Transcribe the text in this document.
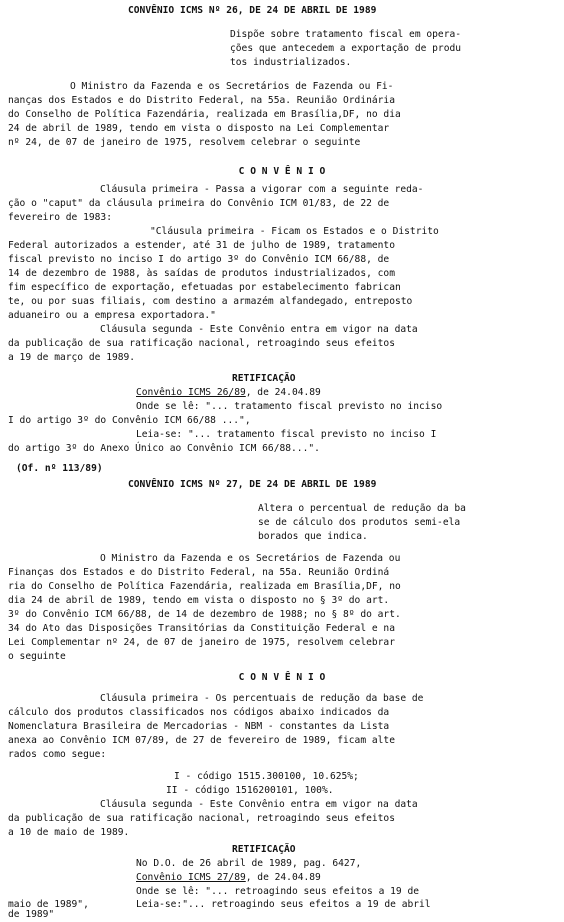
CONVÊNIO ICMS Nº 26, DE 24 DE ABRIL DE 1989
Dispõe sobre tratamento fiscal em opera-
ções que antecedem a exportação de produ
tos industrializados.
O Ministro da Fazenda e os Secretários de Fazenda ou Fi-
nanças dos Estados e do Distrito Federal, na 55a. Reunião Ordinária
do Conselho de Política Fazendária, realizada em Brasília,DF, no dia
24 de abril de 1989, tendo em vista o disposto na Lei Complementar
nº 24, de 07 de janeiro de 1975, resolvem celebrar o seguinte
C O N V Ê N I O
Cláusula primeira - Passa a vigorar com a seguinte reda-
ção o "caput" da cláusula primeira do Convênio ICM 01/83, de 22 de
fevereiro de 1983:
"Cláusula primeira - Ficam os Estados e o Distrito
Federal autorizados a estender, até 31 de julho de 1989, tratamento
fiscal previsto no inciso I do artigo 3º do Convênio ICM 66/88, de
14 de dezembro de 1988, às saídas de produtos industrializados, com
fim específico de exportação, efetuadas por estabelecimento fabrican
te, ou por suas filiais, com destino a armazém alfandegado, entreposto
aduaneiro ou a empresa exportadora."
Cláusula segunda - Este Convênio entra em vigor na data
da publicação de sua ratificação nacional, retroagindo seus efeitos
a 19 de março de 1989.
RETIFICAÇÃO
Convênio ICMS 26/89, de 24.04.89
Onde se lê: "... tratamento fiscal previsto no inciso
I do artigo 3º do Convênio ICM 66/88 ...",
Leia-se: "... tratamento fiscal previsto no inciso I
do artigo 3º do Anexo Único ao Convênio ICM 66/88...".
(Of. nº 113/89)
CONVÊNIO ICMS Nº 27, DE 24 DE ABRIL DE 1989
Altera o percentual de redução da ba
se de cálculo dos produtos semi-ela
borados que indica.
O Ministro da Fazenda e os Secretários de Fazenda ou
Finanças dos Estados e do Distrito Federal, na 55a. Reunião Ordiná
ria do Conselho de Política Fazendária, realizada em Brasília,DF, no
dia 24 de abril de 1989, tendo em vista o disposto no § 3º do art.
3º do Convênio ICM 66/88, de 14 de dezembro de 1988; no § 8º do art.
34 do Ato das Disposições Transitórias da Constituição Federal e na
Lei Complementar nº 24, de 07 de janeiro de 1975, resolvem celebrar
o seguinte
C O N V Ê N I O
Cláusula primeira - Os percentuais de redução da base de
cálculo dos produtos classificados nos códigos abaixo indicados da
Nomenclatura Brasileira de Mercadorias - NBM - constantes da Lista
anexa ao Convênio ICM 07/89, de 27 de fevereiro de 1989, ficam alte
rados como segue:
I - código 1515.300100, 10.625%;
II - código 1516200101, 100%.
Cláusula segunda - Este Convênio entra em vigor na data
da publicação de sua ratificação nacional, retroagindo seus efeitos
a 10 de maio de 1989.
RETIFICAÇÃO
No D.O. de 26 abril de 1989, pag. 6427,
Convênio ICMS 27/89, de 24.04.89
Onde se lê: "... retroagindo seus efeitos a 19 de
maio de 1989",	Leia-se:"... retroagindo seus efeitos a 19 de abril
de 1989"
